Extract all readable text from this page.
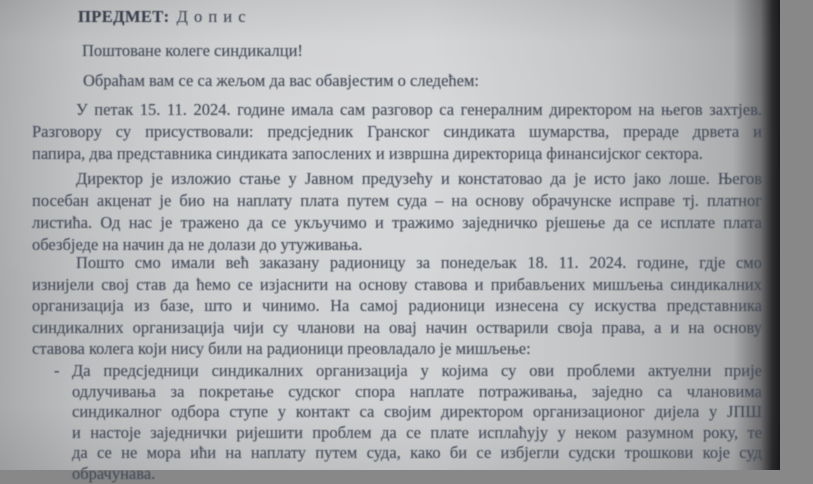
ПРЕДМЕТ: Д о п и с
Поштоване колеге синдикалци!
Обраћам вам се са жељом да вас обавјестим о следећем:
У петак 15. 11. 2024. године имала сам разговор са генералним директором на његов захтјев.
Разговору су присуствовали: предсједник Гранског синдиката шумарства, прераде дрвета и
папира, два представника синдиката запослених и извршна директорица финансијског сектора.
Директор је изложио стање у Јавном предузећу и констатовао да је исто јако лоше. Његов
посебан акценат је био на наплату плата путем суда – на основу обрачунске исправе тј. платног
листића. Од нас је тражено да се укључимо и тражимо заједничко рјешење да се исплате плата
обезбједе на начин да не долази до утуживања.
Пошто смо имали већ заказану радионицу за понедељак 18. 11. 2024. године, гдје смо
изнијели свој став да ћемо се изјаснити на основу ставова и прибављених мишљења синдикалних
организација из базе, што и чинимо. На самој радионици изнесена су искуства представника
синдикалних организација чији су чланови на овај начин остварили своја права, а и на основу
ставова колега који нису били на радионици преовладало је мишљење:
- Да предсједници синдикалних организација у којима су ови проблеми актуелни прије
одлучивања за покретање судског спора наплате потраживања, заједно са члановима
синдикалног одбора ступе у контакт са својим директором организационог дијела у ЈПШ
и настоје заједнички ријешити проблем да се плате исплаћују у неком разумном року, те
да се не мора ићи на наплату путем суда, како би се избјегли судски трошкови које суд
обрачунава.
